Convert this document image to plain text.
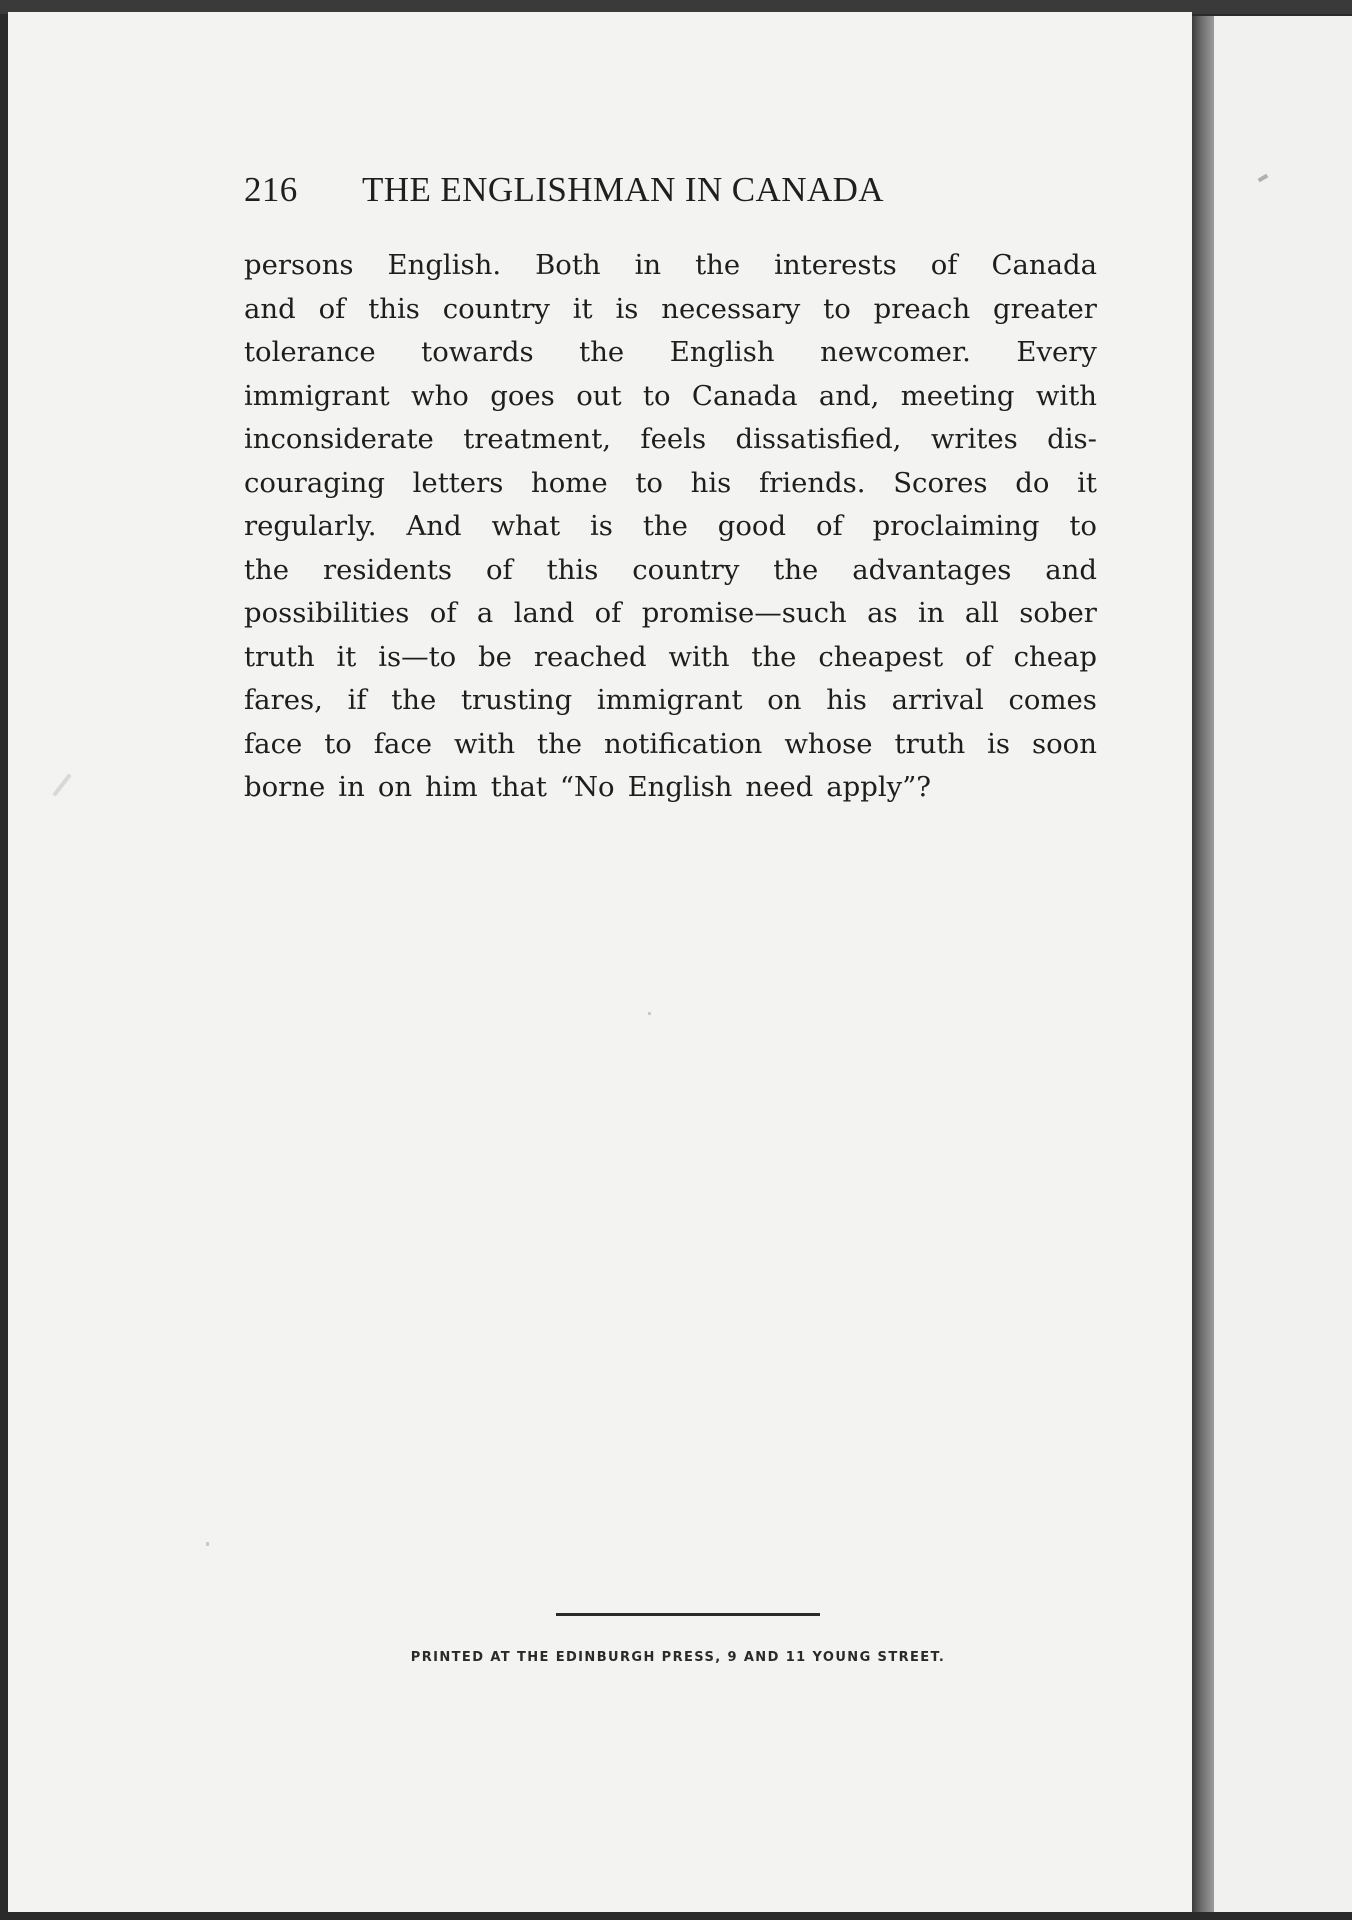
216 THE ENGLISHMAN IN CANADA
persons English. Both in the interests of Canada
and of this country it is necessary to preach greater
tolerance towards the English newcomer. Every
immigrant who goes out to Canada and, meeting with
inconsiderate treatment, feels dissatisfied, writes dis-
couraging letters home to his friends. Scores do it
regularly. And what is the good of proclaiming to
the residents of this country the advantages and
possibilities of a land of promise—such as in all sober
truth it is—to be reached with the cheapest of cheap
fares, if the trusting immigrant on his arrival comes
face to face with the notification whose truth is soon
borne in on him that “No English need apply”?
PRINTED AT THE EDINBURGH PRESS, 9 AND 11 YOUNG STREET.
